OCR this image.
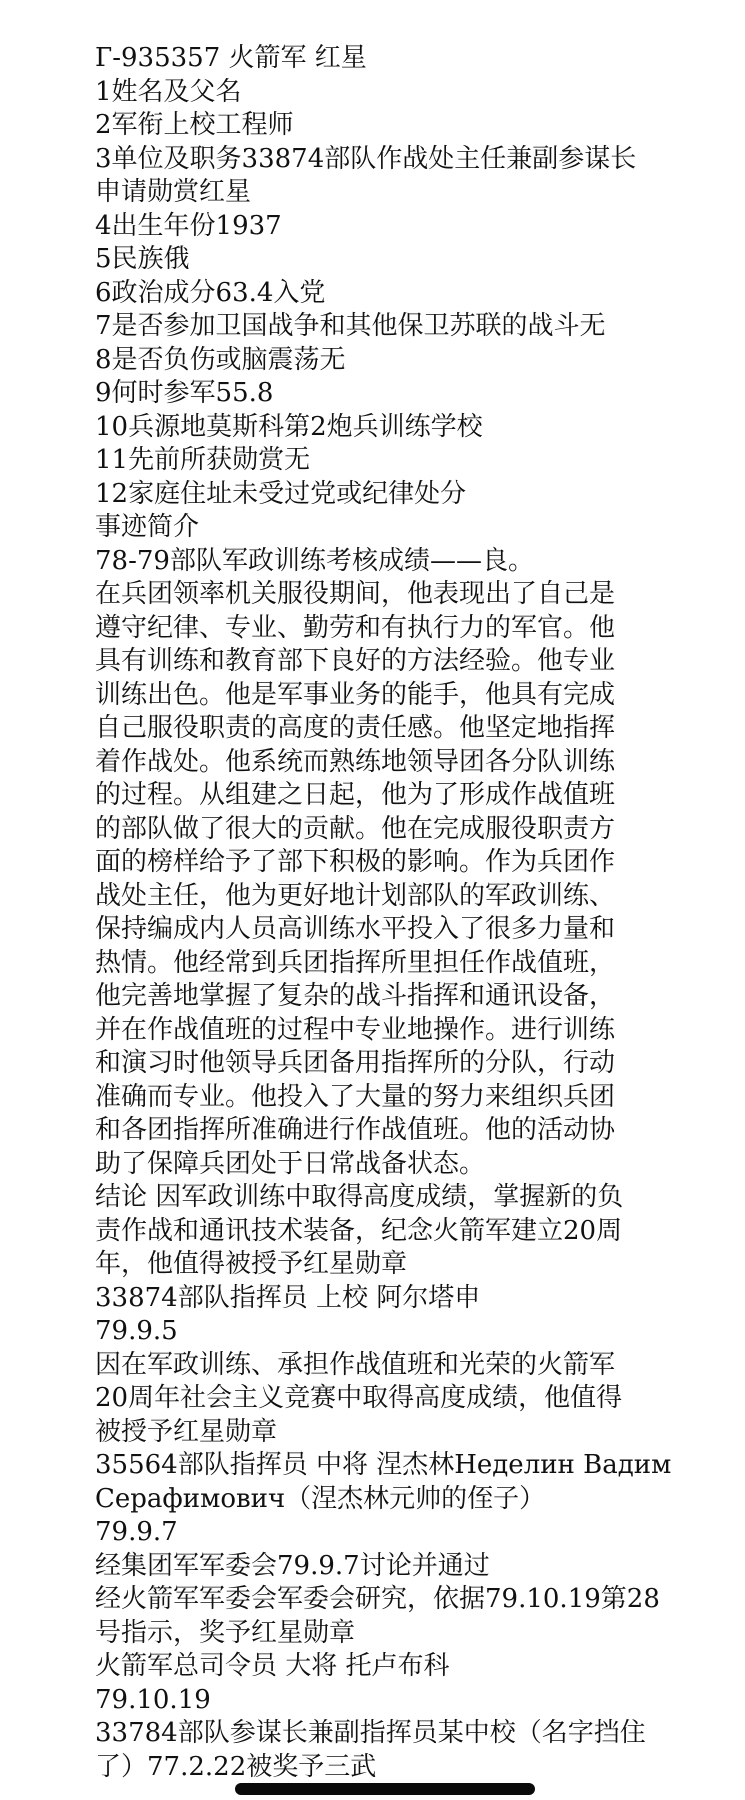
Г-935357 火箭军 红星
1姓名及父名
2军衔上校工程师
3单位及职务33874部队作战处主任兼副参谋长
申请勋赏红星
4出生年份1937
5民族俄
6政治成分63.4入党
7是否参加卫国战争和其他保卫苏联的战斗无
8是否负伤或脑震荡无
9何时参军55.8
10兵源地莫斯科第2炮兵训练学校
11先前所获勋赏无
12家庭住址未受过党或纪律处分
事迹简介
78-79部队军政训练考核成绩——良。
在兵团领率机关服役期间，他表现出了自己是
遵守纪律、专业、勤劳和有执行力的军官。他
具有训练和教育部下良好的方法经验。他专业
训练出色。他是军事业务的能手，他具有完成
自己服役职责的高度的责任感。他坚定地指挥
着作战处。他系统而熟练地领导团各分队训练
的过程。从组建之日起，他为了形成作战值班
的部队做了很大的贡献。他在完成服役职责方
面的榜样给予了部下积极的影响。作为兵团作
战处主任，他为更好地计划部队的军政训练、
保持编成内人员高训练水平投入了很多力量和
热情。他经常到兵团指挥所里担任作战值班，
他完善地掌握了复杂的战斗指挥和通讯设备，
并在作战值班的过程中专业地操作。进行训练
和演习时他领导兵团备用指挥所的分队，行动
准确而专业。他投入了大量的努力来组织兵团
和各团指挥所准确进行作战值班。他的活动协
助了保障兵团处于日常战备状态。
结论 因军政训练中取得高度成绩，掌握新的负
责作战和通讯技术装备，纪念火箭军建立20周
年，他值得被授予红星勋章
33874部队指挥员 上校 阿尔塔申
79.9.5
因在军政训练、承担作战值班和光荣的火箭军
20周年社会主义竞赛中取得高度成绩，他值得
被授予红星勋章
35564部队指挥员 中将 涅杰林Неделин Вадим
Серафимович（涅杰林元帅的侄子）
79.9.7
经集团军军委会79.9.7讨论并通过
经火箭军军委会军委会研究，依据79.10.19第28
号指示，奖予红星勋章
火箭军总司令员 大将 托卢布科
79.10.19
33784部队参谋长兼副指挥员某中校（名字挡住
了）77.2.22被奖予三武
